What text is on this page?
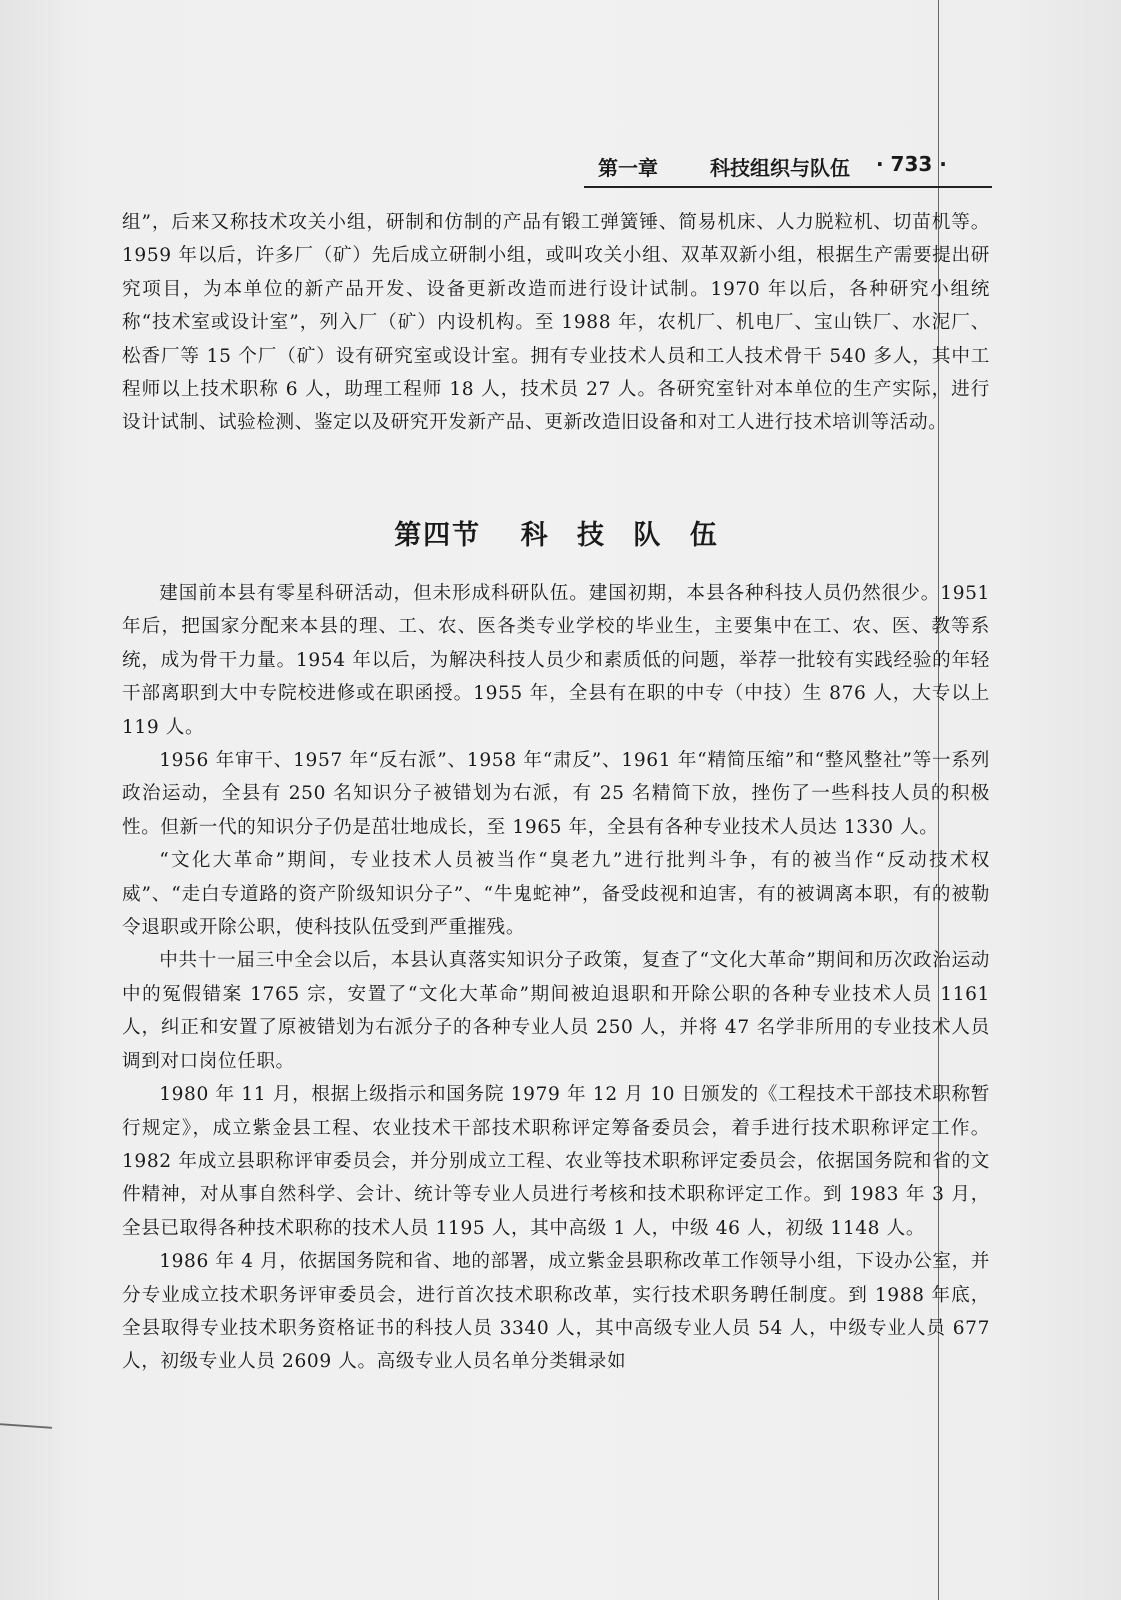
第一章	科技组织与队伍 · 733 ·

组”，后来又称技术攻关小组，研制和仿制的产品有锻工弹簧锤、简易机床、人力脱粒机、切苗机等。1959 年以后，许多厂（矿）先后成立研制小组，或叫攻关小组、双革双新小组，根据生产需要提出研究项目，为本单位的新产品开发、设备更新改造而进行设计试制。1970 年以后，各种研究小组统称“技术室或设计室”，列入厂（矿）内设机构。至 1988 年，农机厂、机电厂、宝山铁厂、水泥厂、松香厂等 15 个厂（矿）设有研究室或设计室。拥有专业技术人员和工人技术骨干 540 多人，其中工程师以上技术职称 6 人，助理工程师 18 人，技术员 27 人。各研究室针对本单位的生产实际，进行设计试制、试验检测、鉴定以及研究开发新产品、更新改造旧设备和对工人进行技术培训等活动。

第四节 科 技 队 伍

建国前本县有零星科研活动，但未形成科研队伍。建国初期，本县各种科技人员仍然很少。1951 年后，把国家分配来本县的理、工、农、医各类专业学校的毕业生，主要集中在工、农、医、教等系统，成为骨干力量。1954 年以后，为解决科技人员少和素质低的问题，举荐一批较有实践经验的年轻干部离职到大中专院校进修或在职函授。1955 年，全县有在职的中专（中技）生 876 人，大专以上 119 人。

1956 年审干、1957 年“反右派”、1958 年“肃反”、1961 年“精简压缩”和“整风整社”等一系列政治运动，全县有 250 名知识分子被错划为右派，有 25 名精简下放，挫伤了一些科技人员的积极性。但新一代的知识分子仍是茁壮地成长，至 1965 年，全县有各种专业技术人员达 1330 人。

“文化大革命”期间，专业技术人员被当作“臭老九”进行批判斗争，有的被当作“反动技术权威”、“走白专道路的资产阶级知识分子”、“牛鬼蛇神”，备受歧视和迫害，有的被调离本职，有的被勒令退职或开除公职，使科技队伍受到严重摧残。

中共十一届三中全会以后，本县认真落实知识分子政策，复查了“文化大革命”期间和历次政治运动中的冤假错案 1765 宗，安置了“文化大革命”期间被迫退职和开除公职的各种专业技术人员 1161 人，纠正和安置了原被错划为右派分子的各种专业人员 250 人，并将 47 名学非所用的专业技术人员调到对口岗位任职。

1980 年 11 月，根据上级指示和国务院 1979 年 12 月 10 日颁发的《工程技术干部技术职称暂行规定》，成立紫金县工程、农业技术干部技术职称评定筹备委员会，着手进行技术职称评定工作。1982 年成立县职称评审委员会，并分别成立工程、农业等技术职称评定委员会，依据国务院和省的文件精神，对从事自然科学、会计、统计等专业人员进行考核和技术职称评定工作。到 1983 年 3 月，全县已取得各种技术职称的技术人员 1195 人，其中高级 1 人，中级 46 人，初级 1148 人。

1986 年 4 月，依据国务院和省、地的部署，成立紫金县职称改革工作领导小组，下设办公室，并分专业成立技术职务评审委员会，进行首次技术职称改革，实行技术职务聘任制度。到 1988 年底，全县取得专业技术职务资格证书的科技人员 3340 人，其中高级专业人员 54 人，中级专业人员 677 人，初级专业人员 2609 人。高级专业人员名单分类辑录如
